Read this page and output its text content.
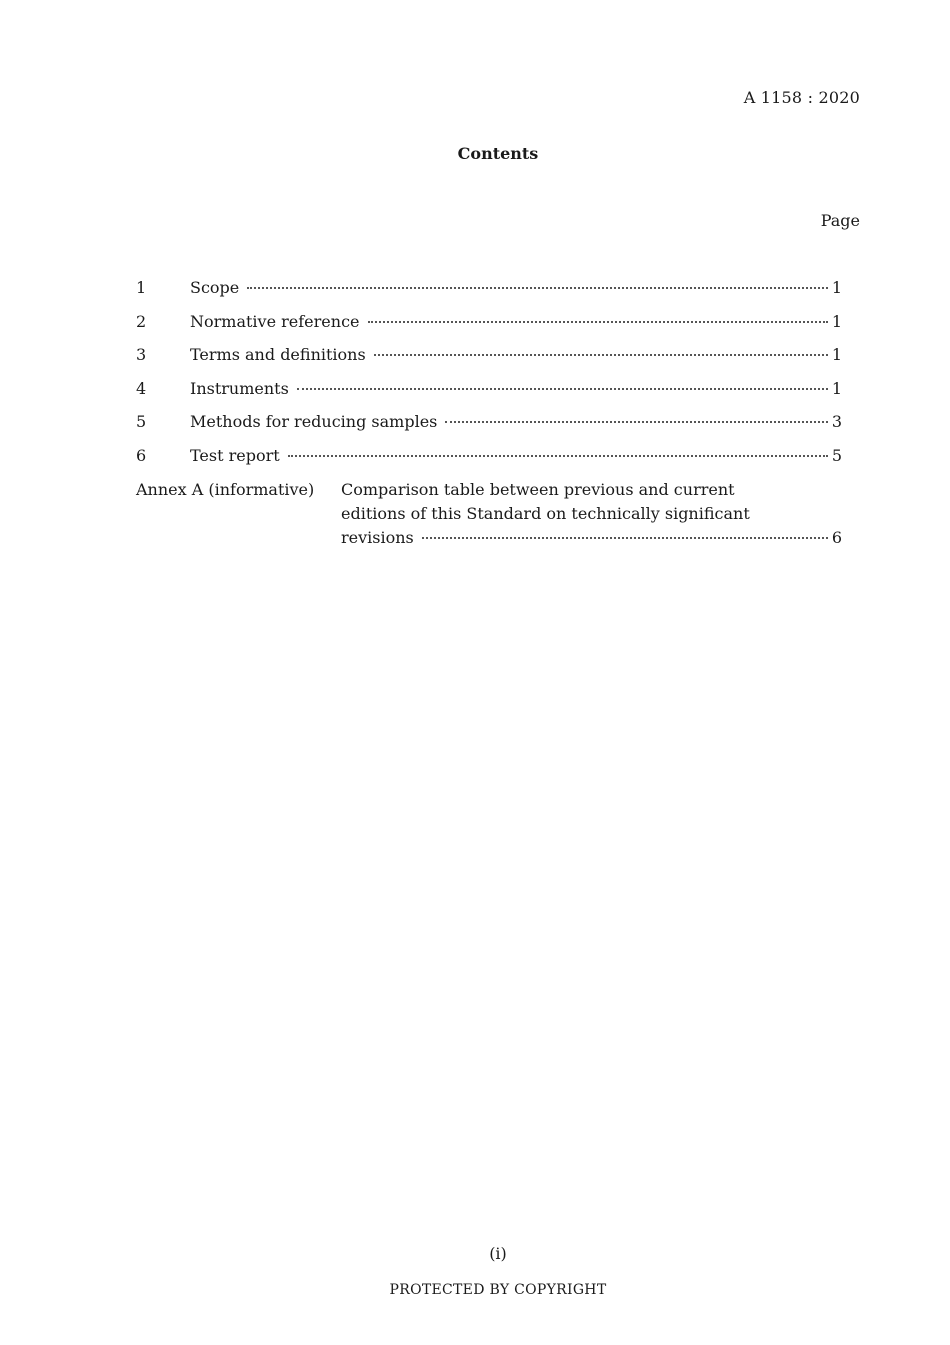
A 1158 : 2020
Contents
Page
1	Scope	1
2	Normative reference	1
3	Terms and definitions	1
4	Instruments	1
5	Methods for reducing samples	3
6	Test report	5
Annex A (informative)	Comparison table between previous and current
editions of this Standard on technically significant
revisions	6
(i)
PROTECTED BY COPYRIGHT
